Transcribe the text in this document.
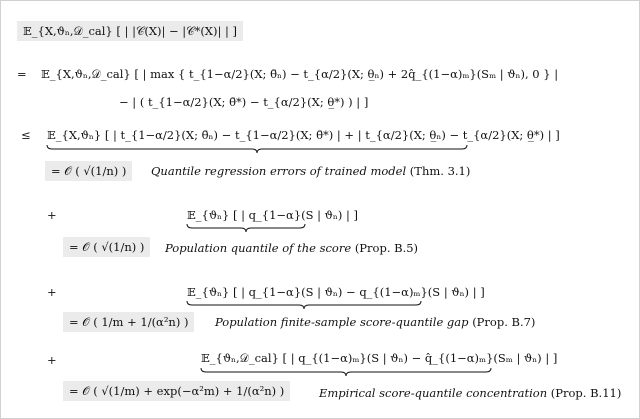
𝔼_{X,ϑₙ,𝒟_cal} [ | |𝒞(X)| − |𝒞*(X)| | ]
= 𝔼_{X,ϑₙ,𝒟_cal} [ | max { t_{1−α/2}(X; θ̄ₙ) − t_{α/2}(X; θ̲ₙ) + 2q̂_{(1−α)ₘ}(Sₘ | ϑₙ), 0 } |
− | ( t_{1−α/2}(X; θ̄*) − t_{α/2}(X; θ̲*) ) | ]
≤ 𝔼_{X,ϑₙ} [ | t_{1−α/2}(X; θ̄ₙ) − t_{1−α/2}(X; θ̄*) | + | t_{α/2}(X; θ̲ₙ) − t_{α/2}(X; θ̲*) | ]
= 𝒪 ( √(1/n) )	Quantile regression errors of trained model (Thm. 3.1)
+	𝔼_{ϑₙ} [ | q_{1−α}(S | ϑₙ) | ]
= 𝒪 ( √(1/n) )	Population quantile of the score (Prop. B.5)
+	𝔼_{ϑₙ} [ | q_{1−α}(S | ϑₙ) − q_{(1−α)ₘ}(S | ϑₙ) | ]
= 𝒪 ( 1/m + 1/(α²n) )	Population finite-sample score-quantile gap (Prop. B.7)
+	𝔼_{ϑₙ,𝒟_cal} [ | q_{(1−α)ₘ}(S | ϑₙ) − q̂_{(1−α)ₘ}(Sₘ | ϑₙ) | ]
= 𝒪 ( √(1/m) + exp(−α²m) + 1/(α²n) )	Empirical score-quantile concentration (Prop. B.11)
